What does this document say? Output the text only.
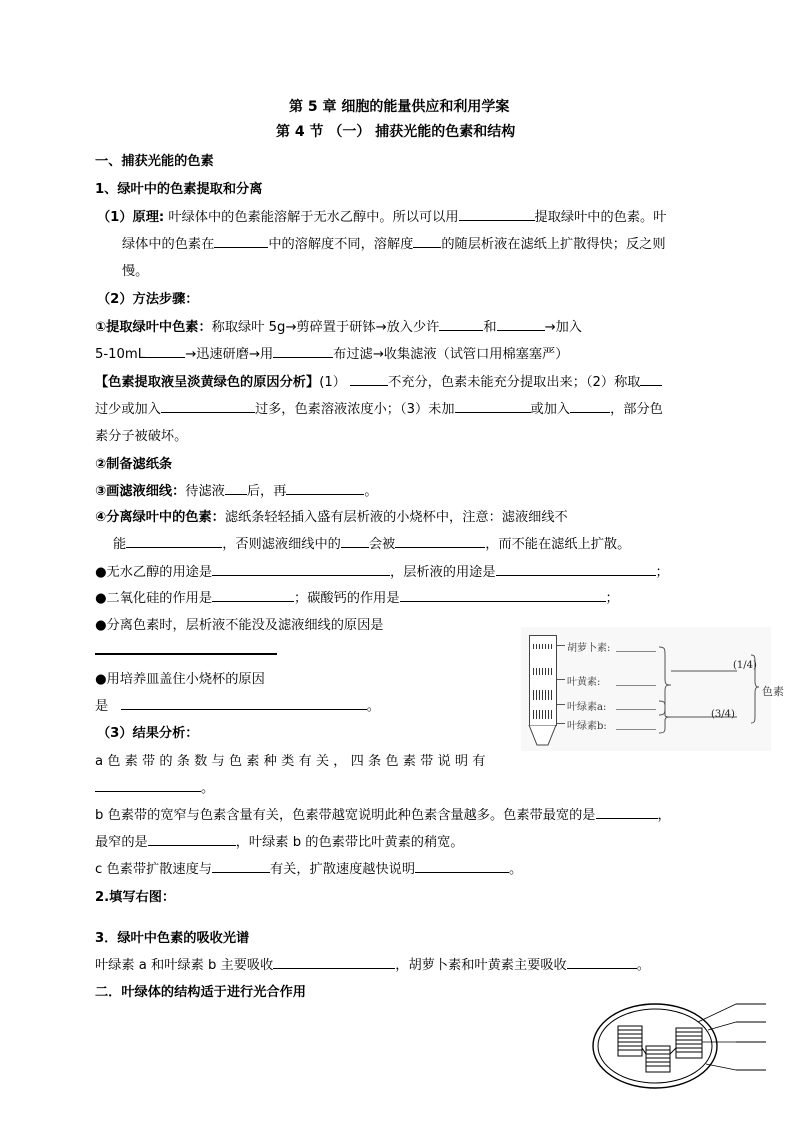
第 5 章 细胞的能量供应和利用学案
第 4 节 （一） 捕获光能的色素和结构
一、捕获光能的色素
1、绿叶中的色素提取和分离
（1）原理: 叶绿体中的色素能溶解于无水乙醇中。所以可以用	提取绿叶中的色素。叶
绿体中的色素在	中的溶解度不同，溶解度 的随层析液在滤纸上扩散得快；反之则
慢。
（2）方法步骤：
①提取绿叶中色素：称取绿叶 5g→剪碎置于研钵→放入少许	和	→加入
5-10mL	→迅速研磨→用	布过滤→收集滤液（试管口用棉塞塞严）
【色素提取液呈淡黄绿色的原因分析】(1）	不充分，色素未能充分提取出来；（2）称取
过少或加入	过多，色素溶液浓度小；（3）未加	或加入	，部分色
素分子被破坏。
②制备滤纸条
③画滤液细线：待滤液 后，再	。
④分离绿叶中的色素：滤纸条轻轻插入盛有层析液的小烧杯中，注意：滤液细线不
能	，否则滤液细线中的 会被	，而不能在滤纸上扩散。
●无水乙醇的用途是	，层析液的用途是	；
●二氧化硅的作用是	；碳酸钙的作用是	；
●分离色素时，层析液不能没及滤液细线的原因是
●用培养皿盖住小烧杯的原因
是	。
（3）结果分析：
a 色 素 带 的 条 数 与 色 素 种 类 有 关 ， 四 条 色 素 带 说 明 有
。
b 色素带的宽窄与色素含量有关，色素带越宽说明此种色素含量越多。色素带最宽的是	，
最窄的是	，叶绿素 b 的色素带比叶黄素的稍宽。
c 色素带扩散速度与	有关，扩散速度越快说明	。
2.填写右图：
3．绿叶中色素的吸收光谱
叶绿素 a 和叶绿素 b 主要吸收	，胡萝卜素和叶黄素主要吸收	。
二．叶绿体的结构适于进行光合作用
胡萝卜素:
叶黄素:
叶绿素a:
叶绿素b:
(1/4)
(3/4)
色素
